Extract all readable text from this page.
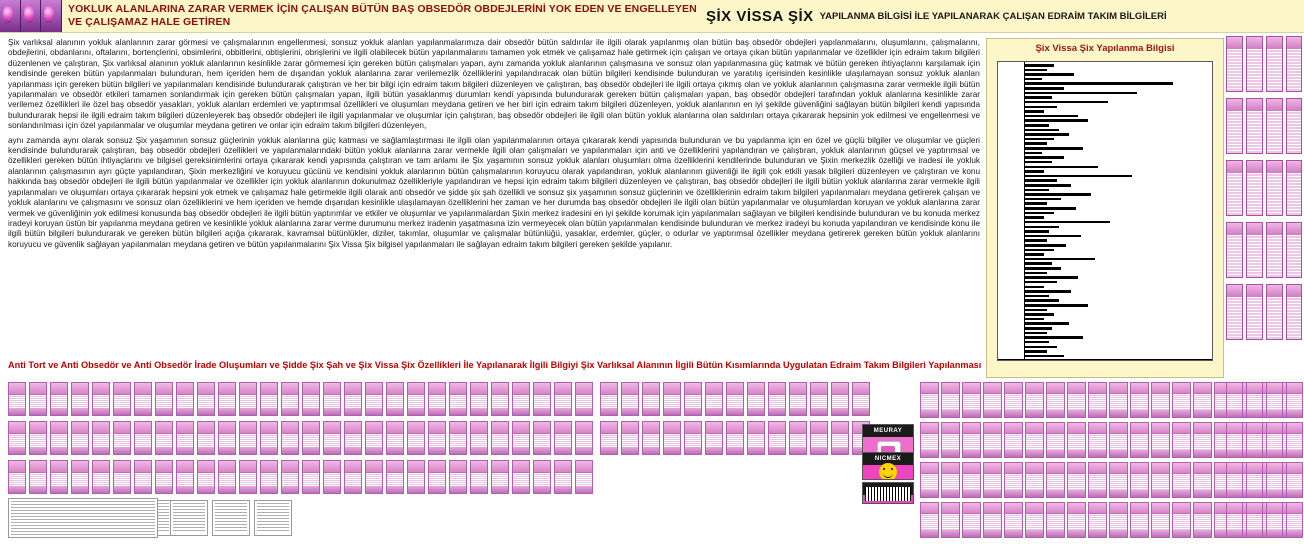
YOKLUK ALANLARINA ZARAR VERMEK İÇİN ÇALIŞAN BÜTÜN BAŞ OBSEDÖR OBDEJLERİNİ YOK EDEN VE ENGELLEYEN
VE ÇALIŞAMAZ HALE GETİREN	ŞİX VİSSA ŞİX YAPILANMA BİLGİSİ İLE YAPILANARAK ÇALIŞAN EDRAİM TAKIM BİLGİLERİ

Şix varlıksal alanının yokluk alanlarının zarar görmesi ve çalışmalarının engellenmesi, sonsuz yokluk alanları yapılanmalarımıza dair obsedör bütün saldırılar ile ilgili olarak yapılanmış olan bütün baş obsedör obdejleri yapılanmalarını, oluşumlarını, çalışmalarını, obdejlerini, obdanlarını, oftalarını, bortençlerini, obsimlerini, obbitlerini, obtişlerini, obrişlerini ve ilgili olabilecek bütün yapılanmalarını tamamen yok etmek ve çalışamaz hale getirmek için çalışan ve ortaya çıkan bütün yapılanmalar ve özellikler için edraim takım bilgileri düzenlenen ve çalıştıran, Şix varlıksal alanının yokluk alanlarının kesinlikle zarar görmemesi için gereken bütün çalışmaları yapan, aynı zamanda yokluk alanlarının çalışmasına ve sonsuz olan yapılanmasına güç katmak ve bütün gereken ihtiyaçlarını karşılamak için kendisinde gereken bütün yapılanmaları bulunduran, hem içeriden hem de dışarıdan yokluk alanlarına zarar verilemezlik özelliklerini yapılandıracak olan bütün bilgileri kendisinde bulunduran ve yaratılış içerisinden kesinlikle ulaşılamayan sonsuz yokluk alanları yapılanması için gereken bütün bilgileri ve yapılanmaları kendisinde bulundurarak çalıştıran ve her bir bilgi için edraim takım bilgileri düzenleyen ve çalıştıran, baş obsedör obdejleri ile ilgili ortaya çıkmış olan ve yokluk alanlarının çalışmasına zarar vermekle ilgili bütün yapılanmaları ve obsedör etkileri tamamen sonlandırmak için gereken bütün çalışmaları yapan, ilgili bütün yasaklanmış durumları kendi yapısında bulundurarak gereken bütün çalışmaları yapan, baş obsedör obdejleri tarafından yokluk alanlarına kesinlikle zarar verilemez özellikleri ile özel baş obsedör yasakları, yokluk alanları erdemleri ve yaptırımsal özellikleri ve oluşumları meydana getiren ve her biri için edraim takım bilgileri düzenleyen, yokluk alanlarının en iyi şekilde güvenliğini sağlayan bütün bilgileri kendi yapısında bulundurarak hepsi ile ilgili edraim takım bilgileri düzenleyerek baş obsedör obdejleri ile ilgili yapılanmalar ve oluşumlar için çalıştıran, baş obsedör obdejleri ile ilgili olan bütün yokluk alanlarına olan saldırıları ortaya çıkararak hepsinin yok edilmesi ve engellenmesi ve sonlandırılması için özel yapılanmalar ve oluşumlar meydana getiren ve onlar için edraim takım bilgileri düzenleyen,

aynı zamanda aynı olarak sonsuz Şix yaşamının sonsuz güçlerinin yokluk alanlarına güç katması ve sağlamlaştırması ile ilgili olan yapılanmalarının ortaya çıkararak kendi yapısında bulunduran ve bu yapılanma için en özel ve güçlü bilgiler ve oluşumlar ve güçleri kendisinde bulundurarak çalıştıran, baş obsedör obdejleri özellikleri ve yapılanmalarındaki bütün yokluk alanlarına zarar vermekle ilgili olan çalışmaları ve yapılanmaları için anti ve özelliklerini yapılandıran ve çalıştıran, yokluk alanlarının güçsel ve yaptırımsal ve özellikleri gereken bütün ihtiyaçlarını ve bilgisel gereksinimlerini ortaya çıkararak kendi yapısında çalıştıran ve tam anlamı ile Şix yaşamının sonsuz yokluk alanları oluşumları olma özelliklerini kendilerinde bulunduran ve Şixin merkezlik özelliği ve iradesi ile yokluk alanlarının çalışmasının ayrı güçte yapılandıran, Şixin merkezliğini ve koruyucu gücünü ve kendisini yokluk alanlarının bütün çalışmalarının koruyucu olarak yapılandıran, yokluk alanlarının güvenliği ile ilgili çok etkili yasak bilgileri düzenleyen ve çalıştıran ve konu hakkında baş obsedör obdejleri ile ilgili bütün yapılanmalar ve özellikler için yokluk alanlarının dokunulmaz özellikleriyle yapılandıran ve hepsi için edraim takım bilgileri düzenleyen ve çalıştıran, baş obsedör obdejleri ile ilgili bütün yokluk alanlarına zarar vermekle ilgili yapılanmaları ve oluşumları ortaya çıkararak hepsini yok etmek ve çalışamaz hale getirmekle ilgili olarak anti obsedör ve şidde şix şah özellikli ve sonsuz şix yaşamının sonsuz güçlerinin ve özelliklerinin edraim takım bilgileri yapılanmaları meydana getirerek çalışan ve yokluk alanlarını ve çalışmasını ve sonsuz olan özelliklerini ve hem içeriden ve hemde dışarıdan kesinlikle ulaşılamayan özelliklerini her zaman ve her durumda baş obsedör obdejleri ile ilgili olan bütün yapılanmalar ve oluşumlardan koruyan ve yokluk alanlarına zarar vermek ve güvenliğinin yok edilmesi konusunda baş obsedör obdejleri ile ilgili bütün yaptırımlar ve etkiler ve oluşumlar ve yapılanmalardan Şixin merkez iradesini en iyi şekilde korumak için yapılanmaları sağlayan ve bilgileri kendisinde bulunduran ve bu konuda merkez iradeyi koruyan üstün bir yapılanma meydana getiren ve kesinlikle yokluk alanlarına zarar verme durumunu merkez iradenin yaşatmasına izin vermeyecek olan bütün yapılanmaları kendisinde bulunduran ve merkez iradeyi bu konuda yapılandıran ve kendisinde konu ile ilgili bütün bilgileri bulundurarak ve gereken bütün bilgileri açığa çıkararak, kavramsal bütünlükler, diziler, takımlar, oluşumlar ve çalışmalar bütünlüğü, yasaklar, erdemler, güçler, o odurlar ve yaptırımsal özellikler meydana getirerek gereken bütün yokluk alanlarını koruyucu ve güvenlik sağlayan yapılanmaları meydana getiren ve bütün yapılanmalarını Şix Vissa Şix bilgisel yapılanmaları ile sağlayan edraim takım bilgileri gereken şekilde yapılanır.

Şix Vissa Şix Yapılanma Bilgisi
Anti Tort ve Anti Obsedör ve Anti Obsedör İrade Oluşumları ve Şidde Şix Şah ve Şix Vissa Şix Özellikleri İle Yapılanarak İlgili Bilgiyi Şix Varlıksal Alanının İlgili Bütün Kısımlarında Uygulatan Edraim Takım Bilgileri Yapılanması
MEURAY
NICMEX
